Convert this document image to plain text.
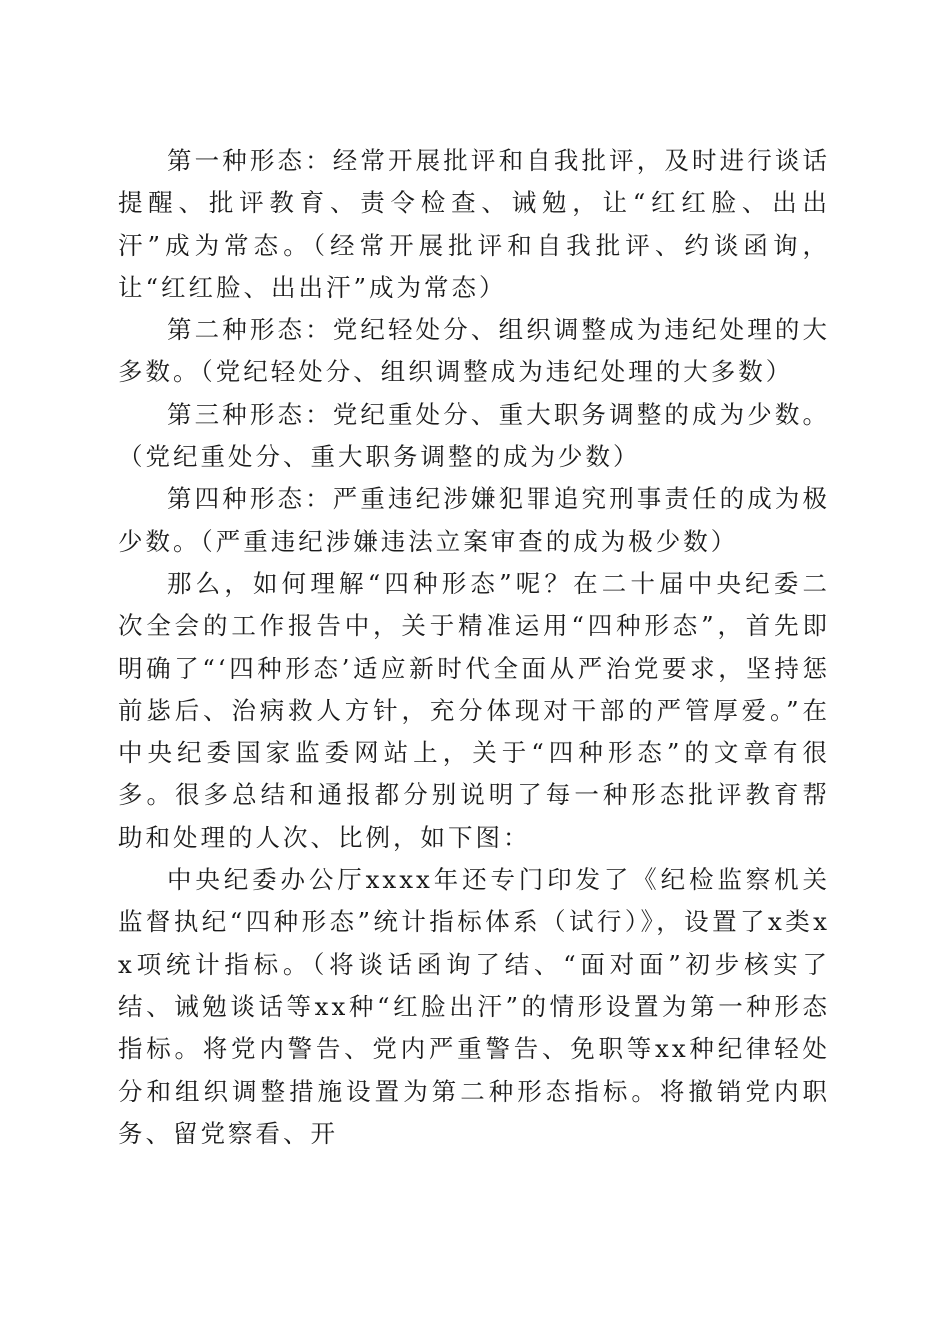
第一种形态：经常开展批评和自我批评，及时进行谈话提醒、批评教育、责令检查、诫勉，让“红红脸、出出汗”成为常态。（经常开展批评和自我批评、约谈函询，让“红红脸、出出汗”成为常态）

第二种形态：党纪轻处分、组织调整成为违纪处理的大多数。（党纪轻处分、组织调整成为违纪处理的大多数）

第三种形态：党纪重处分、重大职务调整的成为少数。（党纪重处分、重大职务调整的成为少数）

第四种形态：严重违纪涉嫌犯罪追究刑事责任的成为极少数。（严重违纪涉嫌违法立案审查的成为极少数）

那么，如何理解“四种形态”呢？在二十届中央纪委二次全会的工作报告中，关于精准运用“四种形态”，首先即明确了“‘四种形态’适应新时代全面从严治党要求，坚持惩前毖后、治病救人方针，充分体现对干部的严管厚爱。”在中央纪委国家监委网站上，关于“四种形态”的文章有很多。很多总结和通报都分别说明了每一种形态批评教育帮助和处理的人次、比例，如下图：

中央纪委办公厅xxxx年还专门印发了《纪检监察机关监督执纪“四种形态”统计指标体系（试行）》，设置了x类xx项统计指标。（将谈话函询了结、“面对面”初步核实了结、诫勉谈话等xx种“红脸出汗”的情形设置为第一种形态指标。将党内警告、党内严重警告、免职等xx种纪律轻处分和组织调整措施设置为第二种形态指标。将撤销党内职务、留党察看、开
